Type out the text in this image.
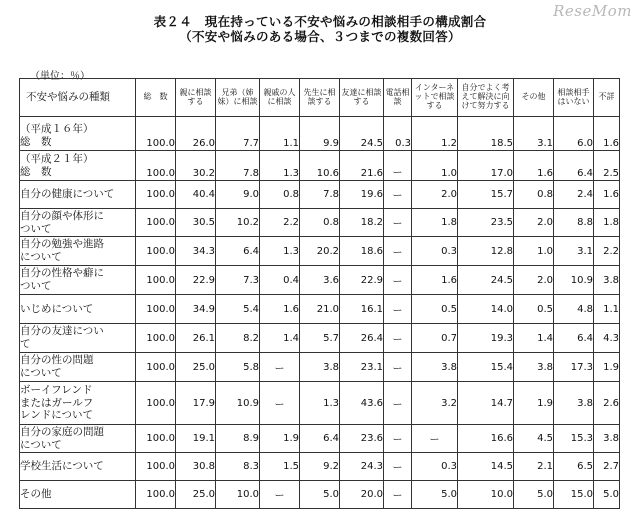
表２４　現在持っている不安や悩みの相談相手の構成割合
（不安や悩みのある場合、３つまでの複数回答）
ReseMom
（単位：％）
不安や悩みの種類	総　数	親に相談する	兄弟（姉妹）に相談	親戚の人に相談	先生に相談する	友達に相談する	電話相談	インターネットで相談する	自分でよく考えて解決に向けて努力する	その他	相談相手はいない	不詳

（平成１６年）
総　数	100.0	26.0	7.7	1.1	9.9	24.5	0.3	1.2	18.5	3.1	6.0	1.6

（平成２１年）
総　数	100.0	30.2	7.8	1.3	10.6	21.6	ー	1.0	17.0	1.6	6.4	2.5

自分の健康について	100.0	40.4	9.0	0.8	7.8	19.6	ー	2.0	15.7	0.8	2.4	1.6

自分の顔や体形に
ついて	100.0	30.5	10.2	2.2	0.8	18.2	ー	1.8	23.5	2.0	8.8	1.8

自分の勉強や進路
について	100.0	34.3	6.4	1.3	20.2	18.6	ー	0.3	12.8	1.0	3.1	2.2

自分の性格や癖に
ついて	100.0	22.9	7.3	0.4	3.6	22.9	ー	1.6	24.5	2.0	10.9	3.8

いじめについて	100.0	34.9	5.4	1.6	21.0	16.1	ー	0.5	14.0	0.5	4.8	1.1

自分の友達につい
て	100.0	26.1	8.2	1.4	5.7	26.4	ー	0.7	19.3	1.4	6.4	4.3

自分の性の問題
について	100.0	25.0	5.8	ー	3.8	23.1	ー	3.8	15.4	3.8	17.3	1.9

ボーイフレンド
またはガールフ
レンドについて	100.0	17.9	10.9	ー	1.3	43.6	ー	3.2	14.7	1.9	3.8	2.6

自分の家庭の問題
について	100.0	19.1	8.9	1.9	6.4	23.6	ー	ー	16.6	4.5	15.3	3.8

学校生活について	100.0	30.8	8.3	1.5	9.2	24.3	ー	0.3	14.5	2.1	6.5	2.7

その他	100.0	25.0	10.0	ー	5.0	20.0	ー	5.0	10.0	5.0	15.0	5.0
